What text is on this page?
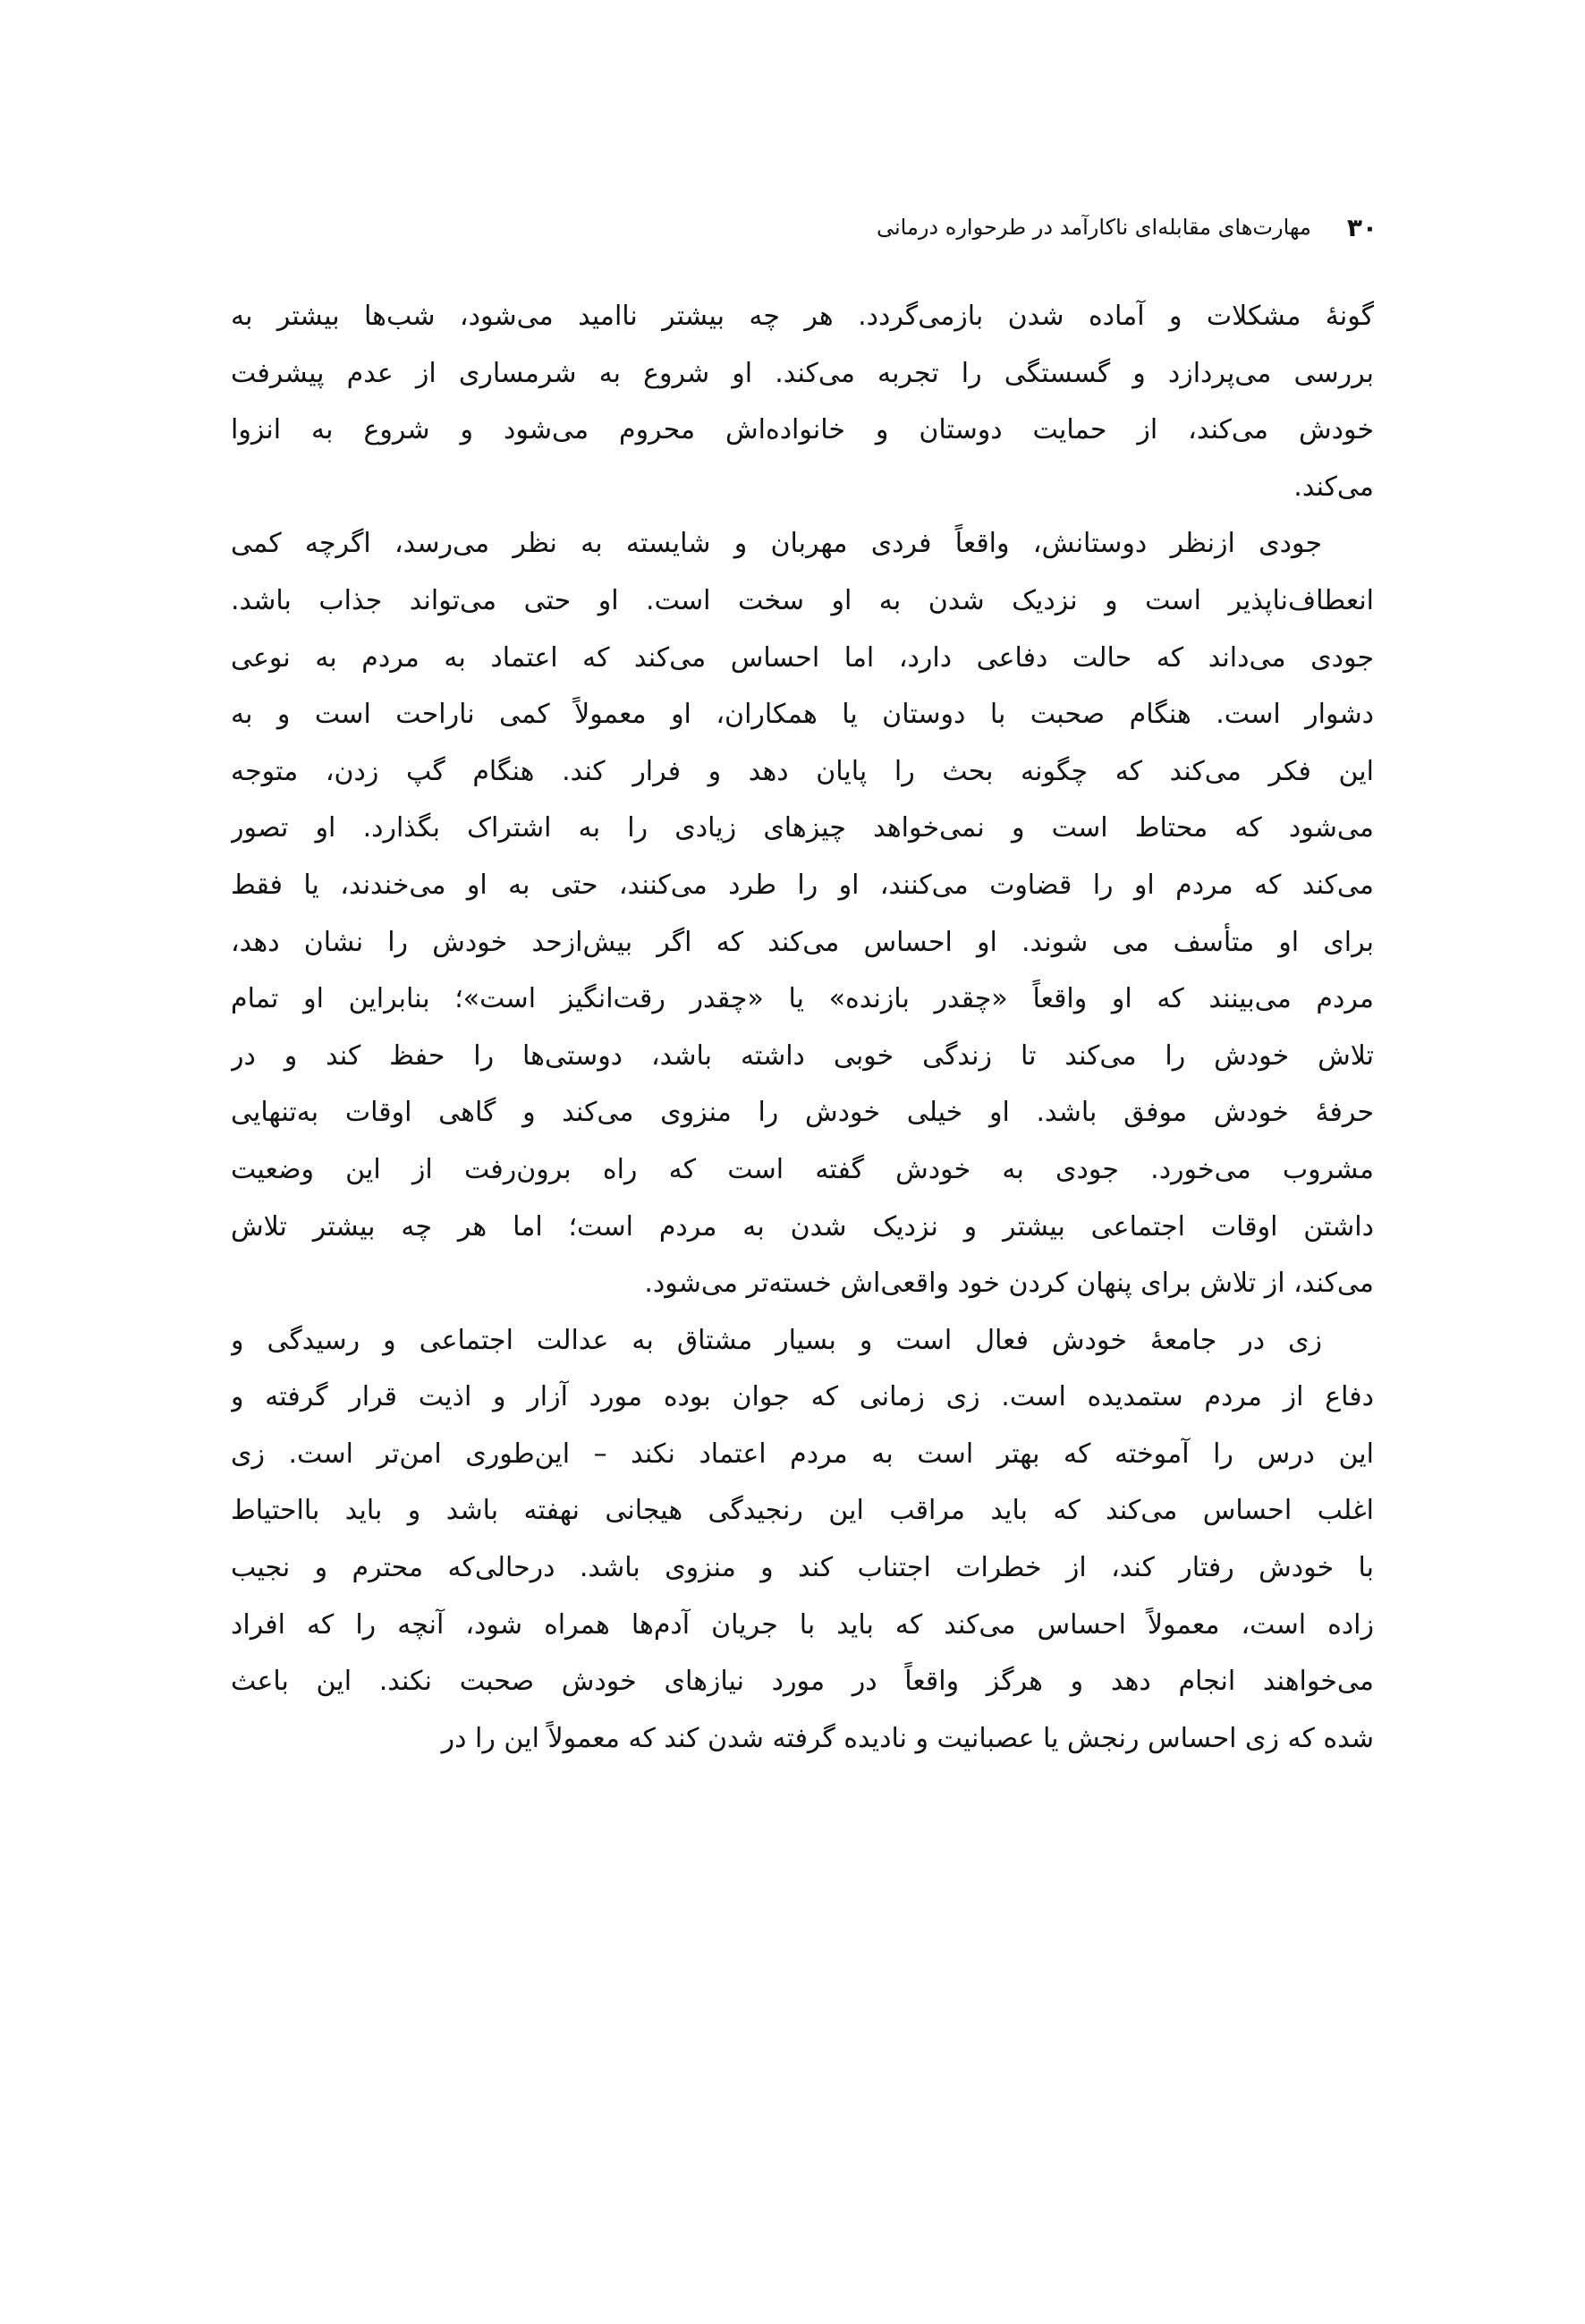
۳۰
مهارت‌های مقابله‌ای ناکارآمد در طرحواره درمانی
گونهٔ مشکلات و آماده شدن بازمی‌گردد. هر چه بیشتر ناامید می‌شود، شب‌ها بیشتر به
بررسی می‌پردازد و گسستگی را تجربه می‌کند. او شروع به شرمساری از عدم پیشرفت
خودش می‌کند، از حمایت دوستان و خانواده‌اش محروم می‌شود و شروع به انزوا
می‌کند.
جودی ازنظر دوستانش، واقعاً فردی مهربان و شایسته به نظر می‌رسد، اگرچه کمی
انعطاف‌ناپذیر است و نزدیک شدن به او سخت است. او حتی می‌تواند جذاب باشد.
جودی می‌داند که حالت دفاعی دارد، اما احساس می‌کند که اعتماد به مردم به نوعی
دشوار است. هنگام صحبت با دوستان یا همکاران، او معمولاً کمی ناراحت است و به
این فکر می‌کند که چگونه بحث را پایان دهد و فرار کند. هنگام گپ زدن، متوجه
می‌شود که محتاط است و نمی‌خواهد چیزهای زیادی را به اشتراک بگذارد. او تصور
می‌کند که مردم او را قضاوت می‌کنند، او را طرد می‌کنند، حتی به او می‌خندند، یا فقط
برای او متأسف می شوند. او احساس می‌کند که اگر بیش‌ازحد خودش را نشان دهد،
مردم می‌بینند که او واقعاً «چقدر بازنده» یا «چقدر رقت‌انگیز است»؛ بنابراین او تمام
تلاش خودش را می‌کند تا زندگی خوبی داشته باشد، دوستی‌ها را حفظ کند و در
حرفهٔ خودش موفق باشد. او خیلی خودش را منزوی می‌کند و گاهی اوقات به‌تنهایی
مشروب می‌خورد. جودی به خودش گفته است که راه برون‌رفت از این وضعیت
داشتن اوقات اجتماعی بیشتر و نزدیک شدن به مردم است؛ اما هر چه بیشتر تلاش
می‌کند، از تلاش برای پنهان کردن خود واقعی‌اش خسته‌تر می‌شود.
زی در جامعهٔ خودش فعال است و بسیار مشتاق به عدالت اجتماعی و رسیدگی و
دفاع از مردم ستمدیده است. زی زمانی که جوان بوده مورد آزار و اذیت قرار گرفته و
این درس را آموخته که بهتر است به مردم اعتماد نکند – این‌طوری امن‌تر است. زی
اغلب احساس می‌کند که باید مراقب این رنجیدگی هیجانی نهفته باشد و باید بااحتیاط
با خودش رفتار کند، از خطرات اجتناب کند و منزوی باشد. درحالی‌که محترم و نجیب
زاده است، معمولاً احساس می‌کند که باید با جریان آدم‌ها همراه شود، آنچه را که افراد
می‌خواهند انجام دهد و هرگز واقعاً در مورد نیازهای خودش صحبت نکند. این باعث
شده که زی احساس رنجش یا عصبانیت و نادیده گرفته شدن کند که معمولاً این را در
